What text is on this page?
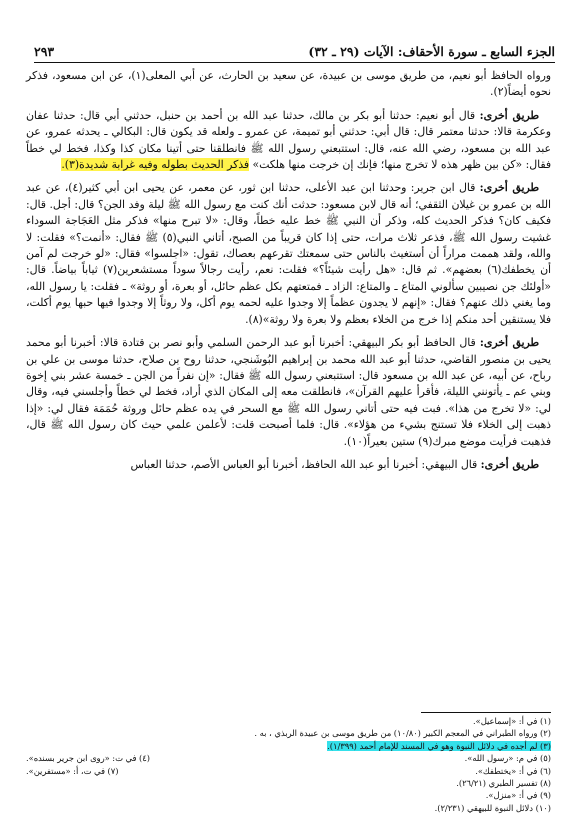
الجزء السابع ـ سورة الأحقاف: الآيات (٢٩ ـ ٣٢)
٢٩٣

ورواه الحافظ أبو نعيم، من طريق موسى بن عبيدة، عن سعيد بن الحارث، عن أبي المعلى(١)، عن ابن مسعود، فذكر نحوه أيضاً(٢).

طريق أخرى: قال أبو نعيم: حدثنا أبو بكر بن مالك، حدثنا عبد الله بن أحمد بن حنبل، حدثني أبي قال: حدثنا عفان وعكرمة قالا: حدثنا معتمر قال: قال أبي: حدثني أبو تميمة، عن عمرو ـ ولعله قد يكون قال: البكالي ـ يحدثه عمرو، عن عبد الله بن مسعود، رضي الله عنه، قال: استتبعني رسول الله ﷺ فانطلقنا حتى أتينا مكان كذا وكذا، فخط لي خطاً فقال: «كن بين ظهر هذه لا تخرج منها؛ فإنك إن خرجت منها هلكت» فذكر الحديث بطوله وفيه غرابة شديدة(٣).

طريق أخرى: قال ابن جرير: وحدثنا ابن عبد الأعلى، حدثنا ابن ثور، عن معمر، عن يحيى ابن أبي كثير(٤)، عن عبد الله بن عمرو بن غيلان الثقفي؛ أنه قال لابن مسعود: حدثت أنك كنت مع رسول الله ﷺ ليلة وفد الجن؟ قال: أجل. قال: فكيف كان؟ فذكر الحديث كله، وذكر أن النبي ﷺ خط عليه خطاً، وقال: «لا تبرح منها» فذكر مثل العَجَاجة السوداء غشيت رسول الله ﷺ، فذعر ثلاث مرات، حتى إذا كان قريباً من الصبح، أتاني النبي(٥) ﷺ فقال: «أنمت؟» فقلت: لا والله، ولقد هممت مراراً أن أستغيث بالناس حتى سمعتك تقرعهم بعصاك، تقول: «اجلسوا» فقال: «لو خرجت لم آمن أن يخطفك(٦) بعضهم». ثم قال: «هل رأيت شيئاً؟» فقلت: نعم، رأيت رجالاً سوداً مستشعرين(٧) ثياباً بياضاً. قال: «أولئك جن نصيبين سألوني المتاع ـ والمتاع: الزاد ـ فمتعتهم بكل عظم حائل، أو بعرة، أو روثة» ـ فقلت: يا رسول الله، وما يغني ذلك عنهم؟ فقال: «إنهم لا يجدون عظماً إلا وجدوا عليه لحمه يوم أكل، ولا روثاً إلا وجدوا فيها حبها يوم أكلت، فلا يستنقين أحد منكم إذا خرج من الخلاء بعظم ولا بعرة ولا روثة»(٨).

طريق أخرى: قال الحافظ أبو بكر البيهقي: أخبرنا أبو عبد الرحمن السلمي وأبو نصر بن قتادة قالا: أخبرنا أبو محمد يحيى بن منصور القاضي، حدثنا أبو عبد الله محمد بن إبراهيم البُوشَنجي، حدثنا روح بن صلاح، حدثنا موسى بن علي بن رباح، عن أبيه، عن عبد الله بن مسعود قال: استتبعني رسول الله ﷺ فقال: «إن نفراً من الجن ـ خمسة عشر بني إخوة وبني عم ـ يأتونني الليلة، فأقرأ عليهم القرآن»، فانطلقت معه إلى المكان الذي أراد، فخط لي خطاً وأجلسني فيه، وقال لي: «لا تخرج من هذا». فبت فيه حتى أتاني رسول الله ﷺ مع السحر في يده عظم حائل وروثة حُمَمَة فقال لي: «إذا ذهبت إلى الخلاء فلا تستنج بشيء من هؤلاء». قال: فلما أصبحت قلت: لأعلمن علمي حيث كان رسول الله ﷺ قال، فذهبت فرأيت موضع مبرك(٩) ستين بعيراً(١٠).

طريق أخرى: قال البيهقي: أخبرنا أبو عبد الله الحافظ، أخبرنا أبو العباس الأصم، حدثنا العباس

(١) في أ: «إسماعيل».
(٢) ورواه الطبراني في المعجم الكبير (١٠/٨٠) من طريق موسى بن عبيدة الربذي ، به .
(٣) لم أجده في دلائل النبوة وهو في المسند للإمام أحمد (١/٣٩٩).
(٥) في م: «رسول الله».
(٤) في ت: «روى ابن جرير بسنده».
(٦) في أ: «يختطفك».
(٧) في ت، أ: «مستفرين».
(٨) تفسير الطبري (٢٦/٢١).
(٩) في أ: «منزل».
(١٠) دلائل النبوة للبيهقي (٢/٢٣١).
